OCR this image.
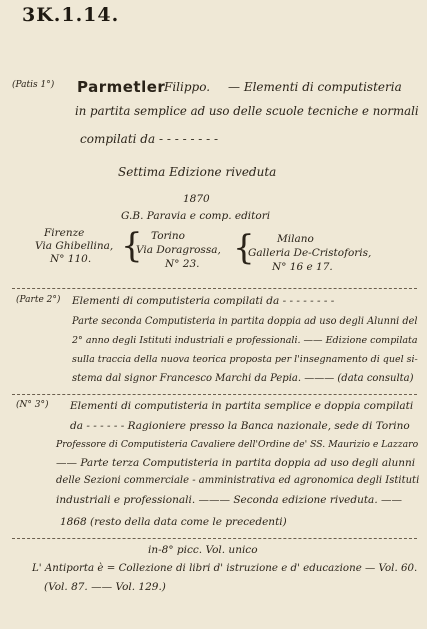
3K.1.14.
(Patis 1°) Parmetler
Filippo. — Elementi di computisteria
in partita semplice ad uso delle scuole tecniche e normali
compilati da - - - - - - - -
Settima Edizione riveduta
1870
G.B. Paravia e comp. editori
Firenze
Via Ghibellina,
N° 110. { Torino
Via Doragrossa,
N° 23. { Milano
Galleria De-Cristoforis,
N° 16 e 17.
(Parte 2°) Elementi di computisteria compilati da - - - - - - - -
Parte seconda Computisteria in partita doppia ad uso degli Alunni del
2° anno degli Istituti industriali e professionali. —— Edizione compilata
sulla traccia della nuova teorica proposta per l'insegnamento di quel si-
stema dal signor Francesco Marchi da Pepia. ——— (data consulta)
(N° 3°) Elementi di computisteria in partita semplice e doppia compilati
da - - - - - - Ragioniere presso la Banca nazionale, sede di Torino
Professore di Computisteria Cavaliere dell'Ordine de' SS. Maurizio e Lazzaro
—— Parte terza Computisteria in partita doppia ad uso degli alunni
delle Sezioni commerciale - amministrativa ed agronomica degli Istituti
industriali e professionali. ——— Seconda edizione riveduta. ——
1868 (resto della data come le precedenti)
in-8° picc. Vol. unico
L' Antiporta è = Collezione di libri d' istruzione e d' educazione — Vol. 60.
(Vol. 87. —— Vol. 129.)
